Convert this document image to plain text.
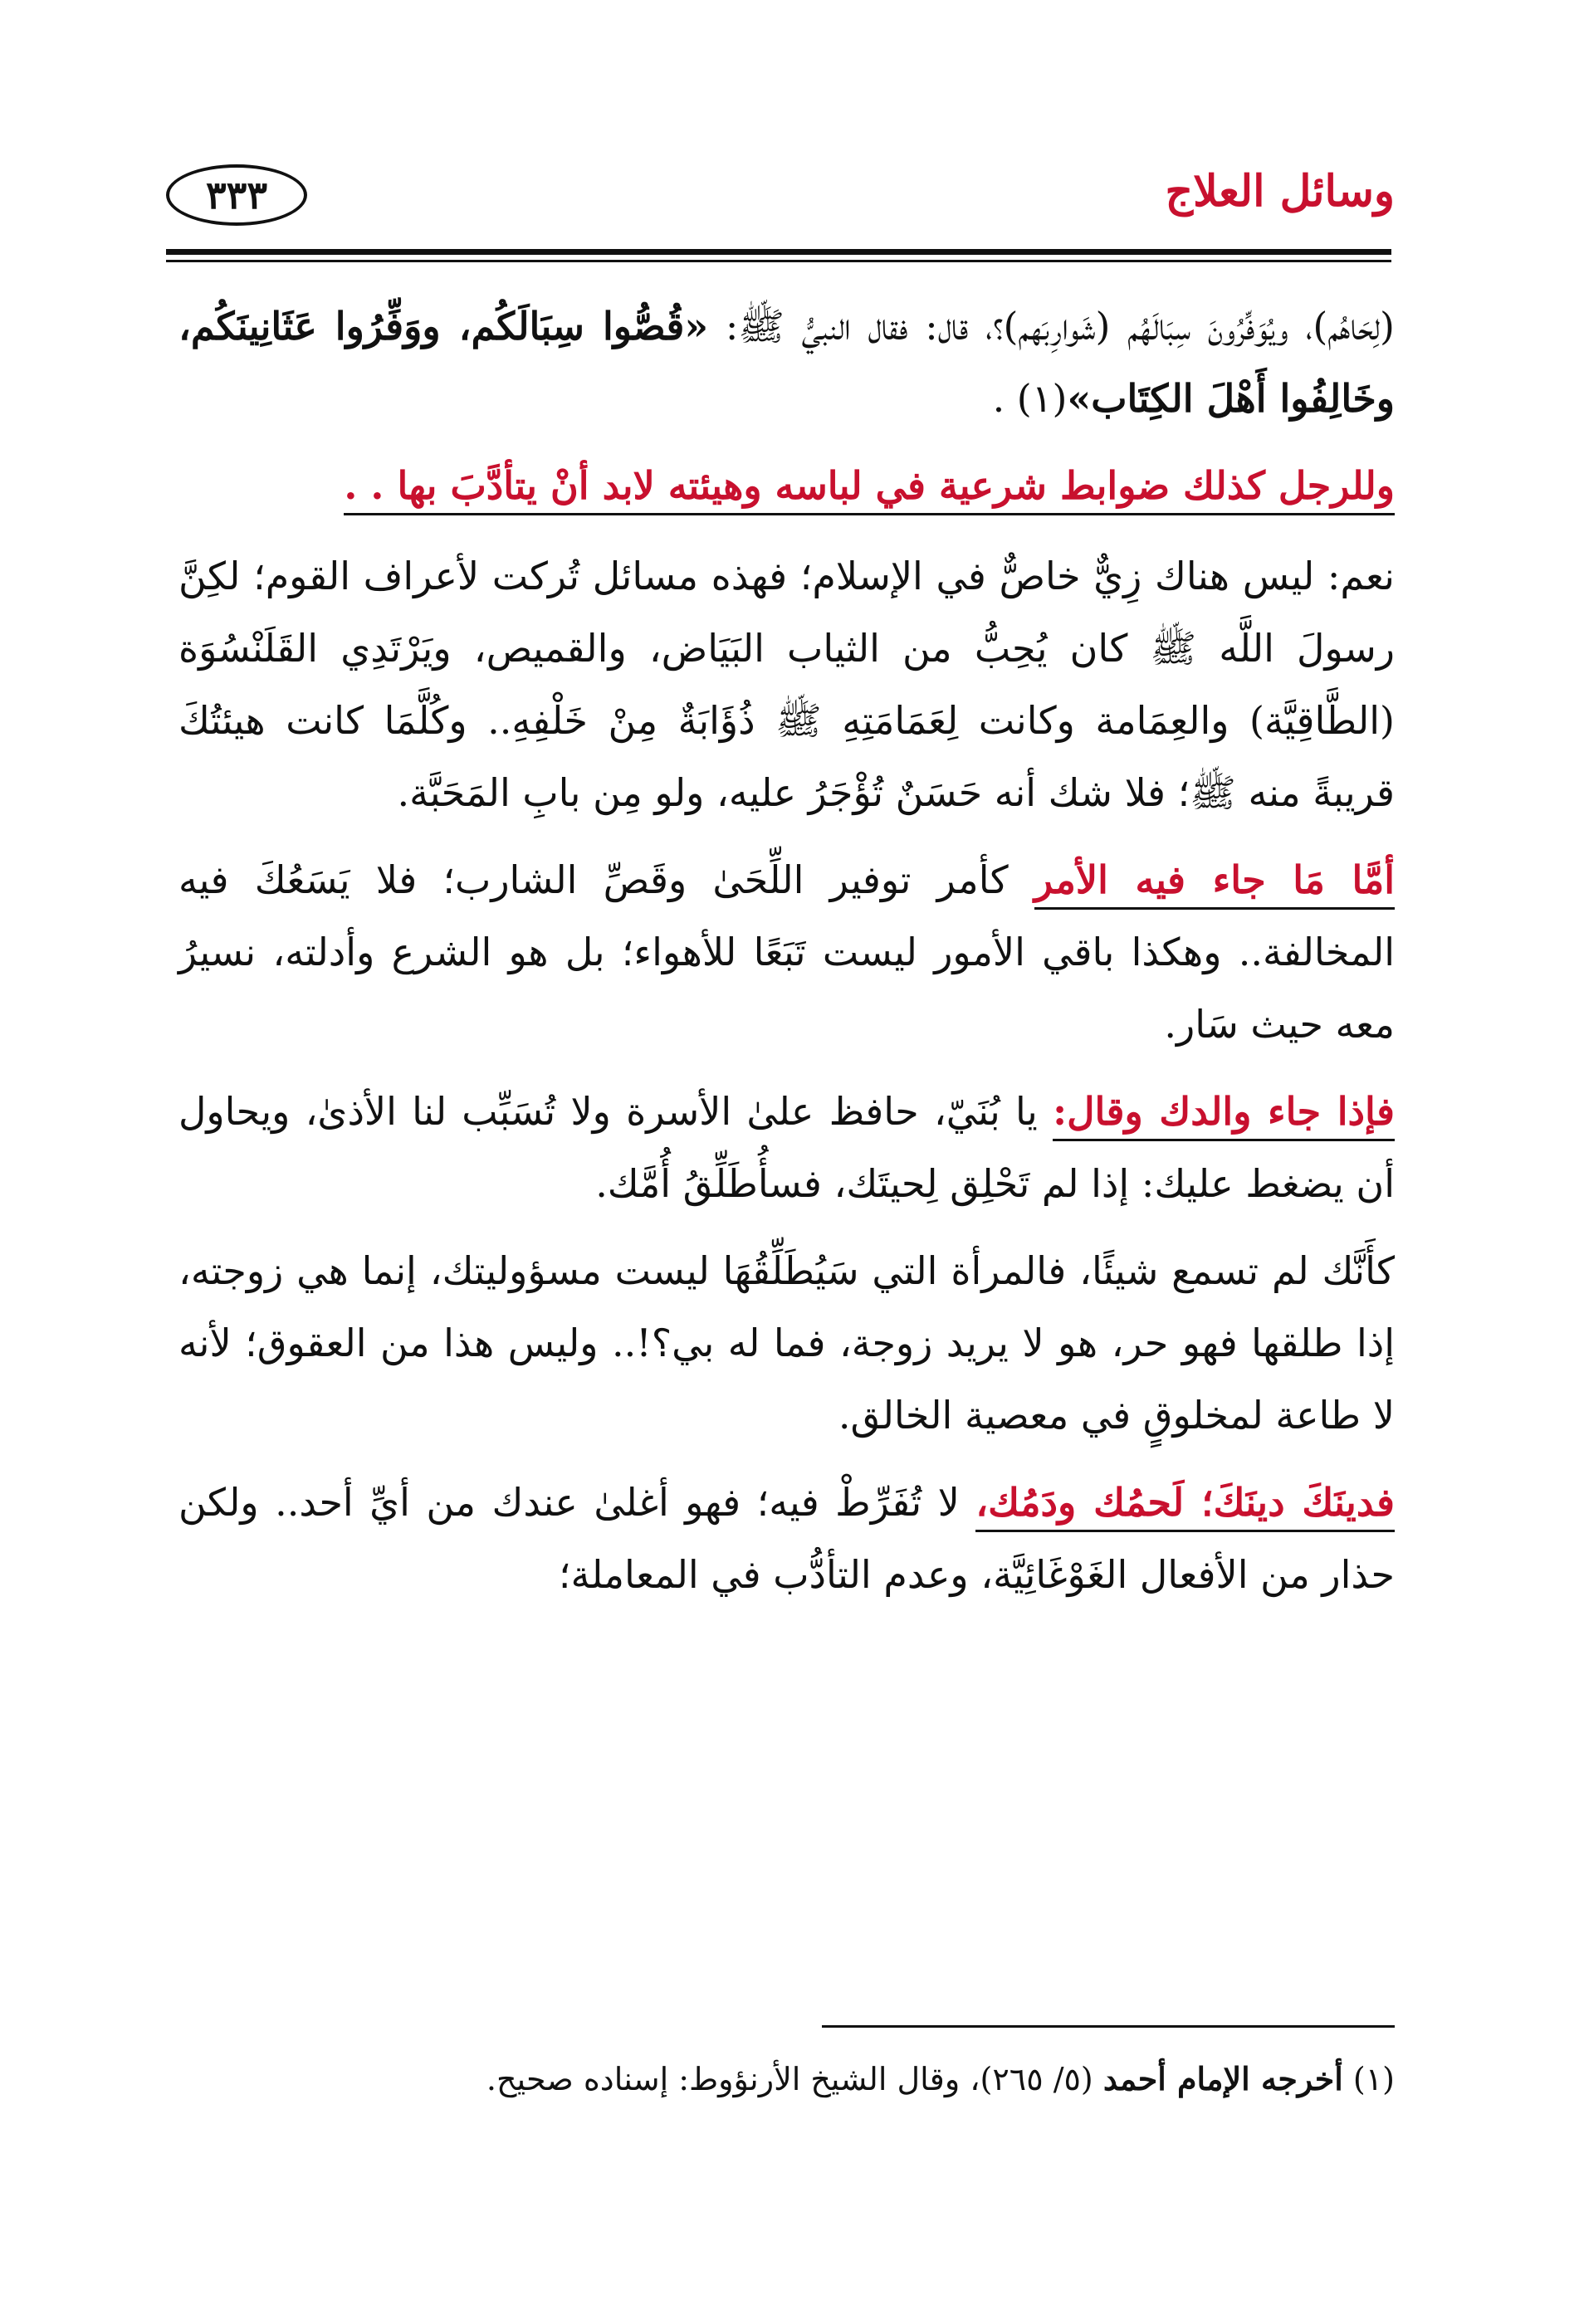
وسائل العلاج
٣٣٣

(لِحَاهُم)، ويُوَفِّرُونَ سِبَالَهُم (شَوارِبَهم)؟، قال: فقال النبيُّ ﷺ: «قُصُّوا سِبَالَكُم، ووَفِّرُوا عَثَانِينَكُم، وخَالِفُوا أَهْلَ الكِتَاب»(١) .

وللرجل كذلك ضوابط شرعية في لباسه وهيئته لابد أنْ يتأدَّبَ بها . .

نعم: ليس هناك زِيٌّ خاصٌّ في الإسلام؛ فهذه مسائل تُركت لأعراف القوم؛ لكِنَّ رسولَ اللَّه ﷺ كان يُحِبُّ من الثياب البَيَاض، والقميص، ويَرْتَدِي القَلَنْسُوَة (الطَّاقِيَّة) والعِمَامة وكانت لِعَمَامَتِهِ ﷺ ذُؤَابَةٌ مِنْ خَلْفِهِ.. وكُلَّمَا كانت هيئتُكَ قريبةً منه ﷺ؛ فلا شك أنه حَسَنٌ تُؤْجَرُ عليه، ولو مِن بابِ المَحَبَّة.

أمَّا مَا جاء فيه الأمر كأمر توفير اللِّحَىٰ وقَصِّ الشارب؛ فلا يَسَعُكَ فيه المخالفة.. وهكذا باقي الأمور ليست تَبَعًا للأهواء؛ بل هو الشرع وأدلته، نسيرُ معه حيث سَار.

فإذا جاء والدك وقال: يا بُنَيّ، حافظ علىٰ الأسرة ولا تُسَبِّب لنا الأذىٰ، ويحاول أن يضغط عليك: إذا لم تَحْلِق لِحيتَك، فسأُطَلِّقُ أُمَّك.

كأَنَّك لم تسمع شيئًا، فالمرأة التي سَيُطَلِّقُهَا ليست مسؤوليتك، إنما هي زوجته، إذا طلقها فهو حر، هو لا يريد زوجة، فما له بي؟!.. وليس هذا من العقوق؛ لأنه لا طاعة لمخلوقٍ في معصية الخالق.

فدينَكَ دينَكَ؛ لَحمُك ودَمُك، لا تُفَرِّطْ فيه؛ فهو أغلىٰ عندك من أيِّ أحد.. ولكن حذار من الأفعال الغَوْغَائِيَّة، وعدم التأدُّب في المعاملة؛

(١) أخرجه الإمام أحمد (٥/ ٢٦٥)، وقال الشيخ الأرنؤوط: إسناده صحيح.
